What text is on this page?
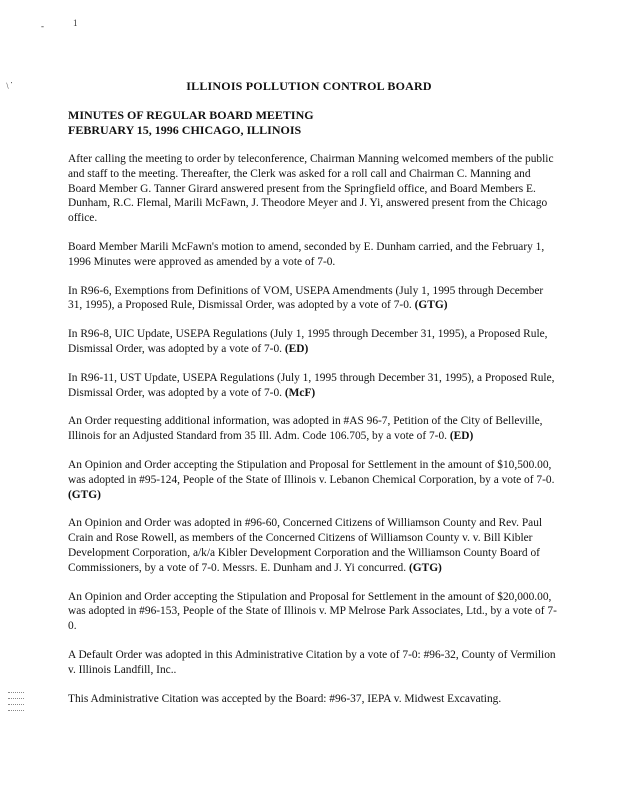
-	1
/ ·	ILLINOIS POLLUTION CONTROL BOARD
MINUTES OF REGULAR BOARD MEETING
FEBRUARY 15, 1996 CHICAGO, ILLINOIS

After calling the meeting to order by teleconference, Chairman Manning welcomed members of the public and staff to the meeting. Thereafter, the Clerk was asked for a roll call and Chairman C. Manning and Board Member G. Tanner Girard answered present from the Springfield office, and Board Members E. Dunham, R.C. Flemal, Marili McFawn, J. Theodore Meyer and J. Yi, answered present from the Chicago office.

Board Member Marili McFawn's motion to amend, seconded by E. Dunham carried, and the February 1, 1996 Minutes were approved as amended by a vote of 7-0.

In R96-6, Exemptions from Definitions of VOM, USEPA Amendments (July 1, 1995 through December 31, 1995), a Proposed Rule, Dismissal Order, was adopted by a vote of 7-0. (GTG)

In R96-8, UIC Update, USEPA Regulations (July 1, 1995 through December 31, 1995), a Proposed Rule, Dismissal Order, was adopted by a vote of 7-0. (ED)

In R96-11, UST Update, USEPA Regulations (July 1, 1995 through December 31, 1995), a Proposed Rule, Dismissal Order, was adopted by a vote of 7-0. (McF)

An Order requesting additional information, was adopted in #AS 96-7, Petition of the City of Belleville, Illinois for an Adjusted Standard from 35 Ill. Adm. Code 106.705, by a vote of 7-0. (ED)

An Opinion and Order accepting the Stipulation and Proposal for Settlement in the amount of $10,500.00, was adopted in #95-124, People of the State of Illinois v. Lebanon Chemical Corporation, by a vote of 7-0. (GTG)

An Opinion and Order was adopted in #96-60, Concerned Citizens of Williamson County and Rev. Paul Crain and Rose Rowell, as members of the Concerned Citizens of Williamson County v. v. Bill Kibler Development Corporation, a/k/a Kibler Development Corporation and the Williamson County Board of Commissioners, by a vote of 7-0. Messrs. E. Dunham and J. Yi concurred. (GTG)

An Opinion and Order accepting the Stipulation and Proposal for Settlement in the amount of $20,000.00, was adopted in #96-153, People of the State of Illinois v. MP Melrose Park Associates, Ltd., by a vote of 7-0.

A Default Order was adopted in this Administrative Citation by a vote of 7-0: #96-32, County of Vermilion v. Illinois Landfill, Inc..

This Administrative Citation was accepted by the Board: #96-37, IEPA v. Midwest Excavating.
